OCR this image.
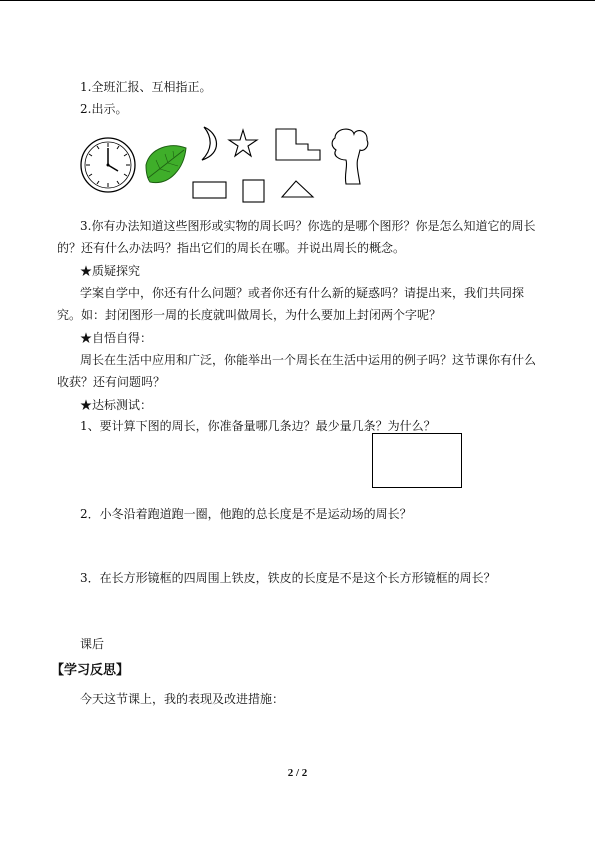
1.全班汇报、互相指正。
2.出示。
3.你有办法知道这些图形或实物的周长吗？你选的是哪个图形？你是怎么知道它的周长
的？还有什么办法吗？指出它们的周长在哪。并说出周长的概念。
★质疑探究
学案自学中，你还有什么问题？或者你还有什么新的疑惑吗？请提出来，我们共同探
究。如：封闭图形一周的长度就叫做周长，为什么要加上封闭两个字呢？
★自悟自得：
周长在生活中应用和广泛，你能举出一个周长在生活中运用的例子吗？这节课你有什么
收获？还有问题吗？
★达标测试：
1、要计算下图的周长，你准备量哪几条边？最少量几条？为什么？
2．小冬沿着跑道跑一圈，他跑的总长度是不是运动场的周长？
3．在长方形镜框的四周围上铁皮，铁皮的长度是不是这个长方形镜框的周长？
课后
【学习反思】
今天这节课上，我的表现及改进措施：
2 / 2
